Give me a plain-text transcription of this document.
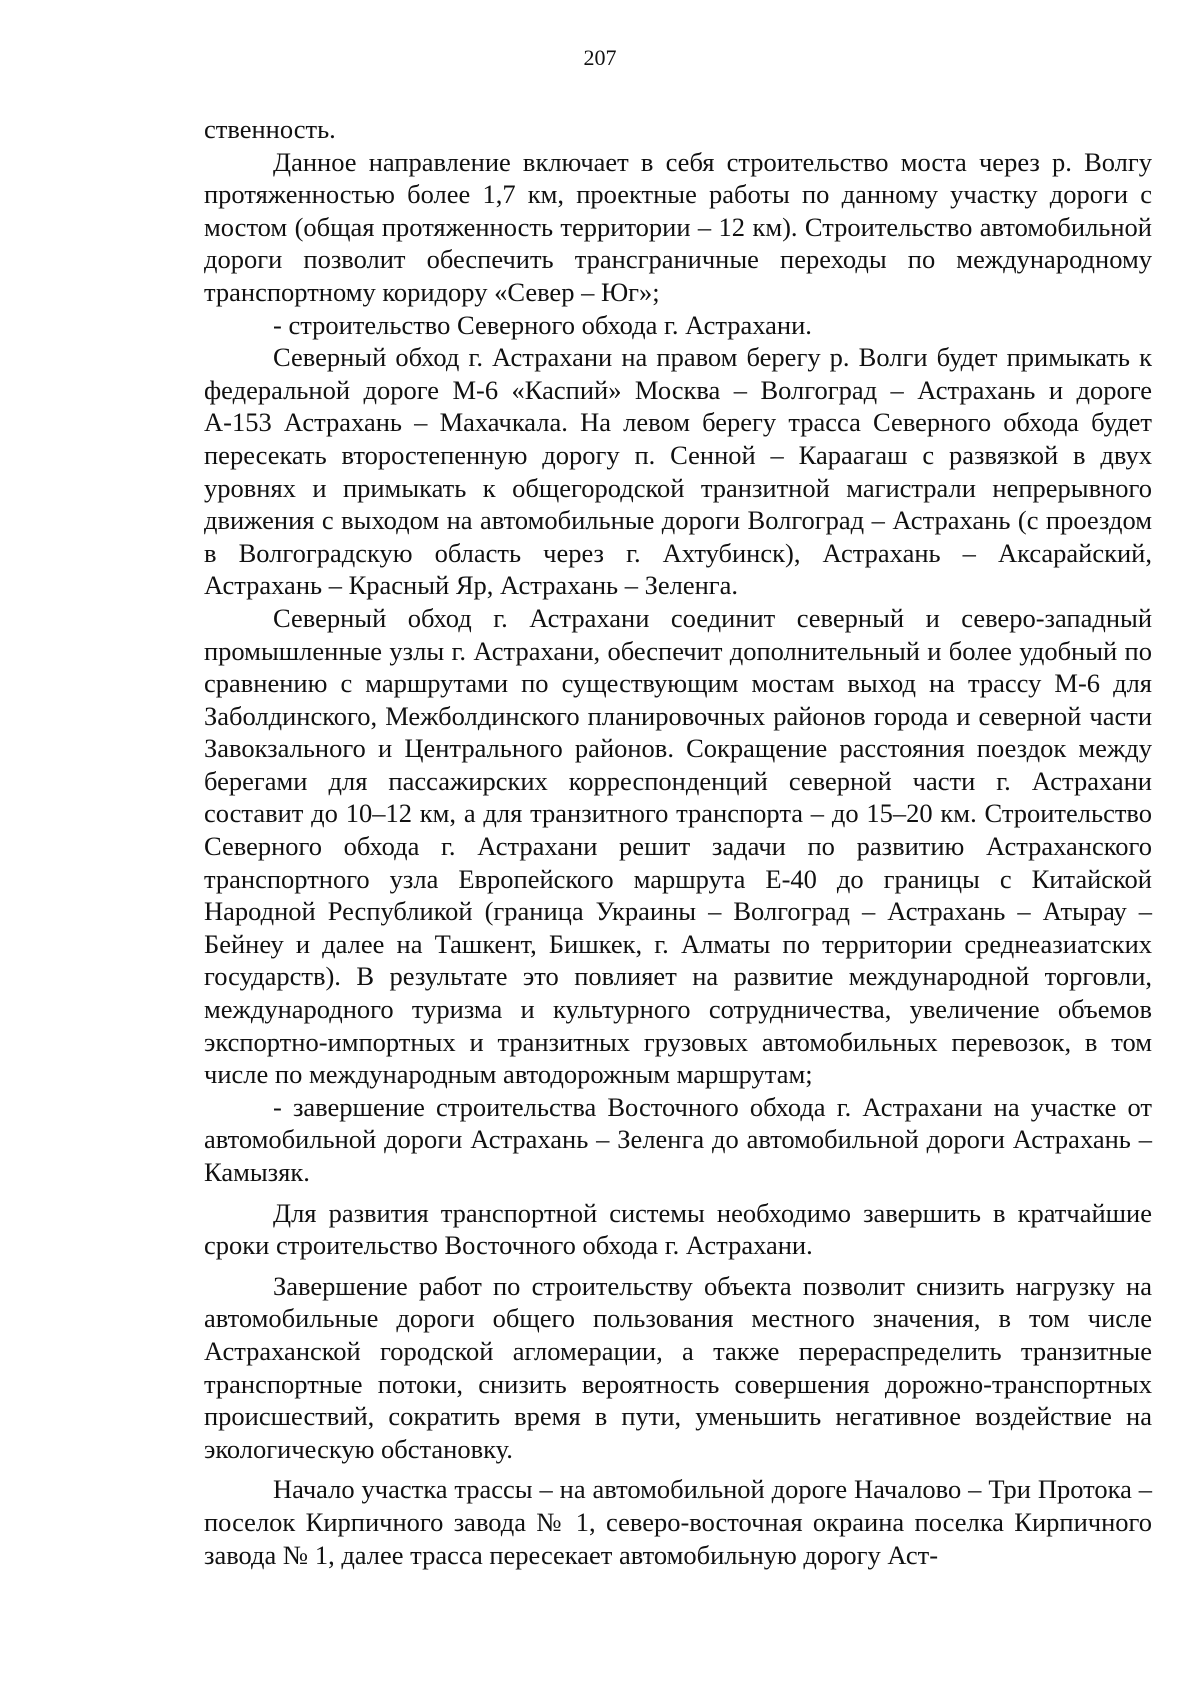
207

ственность.

Данное направление включает в себя строительство моста через р. Волгу протяженностью более 1,7 км, проектные работы по данному участку дороги с мостом (общая протяженность территории – 12 км). Строительство автомобильной дороги позволит обеспечить трансграничные переходы по международному транспортному коридору «Север – Юг»;

- строительство Северного обхода г. Астрахани.

Северный обход г. Астрахани на правом берегу р. Волги будет примыкать к федеральной дороге М-6 «Каспий» Москва – Волгоград – Астрахань и дороге А-153 Астрахань – Махачкала. На левом берегу трасса Северного обхода будет пересекать второстепенную дорогу п. Сенной – Караагаш с развязкой в двух уровнях и примыкать к общегородской транзитной магистрали непрерывного движения с выходом на автомобильные дороги Волгоград – Астрахань (с проездом в Волгоградскую область через г. Ахтубинск), Астрахань – Аксарайский, Астрахань – Красный Яр, Астрахань – Зеленга.

Северный обход г. Астрахани соединит северный и северо-западный промышленные узлы г. Астрахани, обеспечит дополнительный и более удобный по сравнению с маршрутами по существующим мостам выход на трассу М-6 для Заболдинского, Межболдинского планировочных районов города и северной части Завокзального и Центрального районов. Сокращение расстояния поездок между берегами для пассажирских корреспонденций северной части г. Астрахани составит до 10–12 км, а для транзитного транспорта – до 15–20 км. Строительство Северного обхода г. Астрахани решит задачи по развитию Астраханского транспортного узла Европейского маршрута Е-40 до границы с Китайской Народной Республикой (граница Украины – Волгоград – Астрахань – Атырау – Бейнеу и далее на Ташкент, Бишкек, г. Алматы по территории среднеазиатских государств). В результате это повлияет на развитие международной торговли, международного туризма и культурного сотрудничества, увеличение объемов экспортно-импортных и транзитных грузовых автомобильных перевозок, в том числе по международным автодорожным маршрутам;

- завершение строительства Восточного обхода г. Астрахани на участке от автомобильной дороги Астрахань – Зеленга до автомобильной дороги Астрахань – Камызяк.

Для развития транспортной системы необходимо завершить в кратчайшие сроки строительство Восточного обхода г. Астрахани.

Завершение работ по строительству объекта позволит снизить нагрузку на автомобильные дороги общего пользования местного значения, в том числе Астраханской городской агломерации, а также перераспределить транзитные транспортные потоки, снизить вероятность совершения дорожно-транспортных происшествий, сократить время в пути, уменьшить негативное воздействие на экологическую обстановку.

Начало участка трассы – на автомобильной дороге Началово – Три Протока – поселок Кирпичного завода № 1, северо-восточная окраина поселка Кирпичного завода № 1, далее трасса пересекает автомобильную дорогу Аст-
